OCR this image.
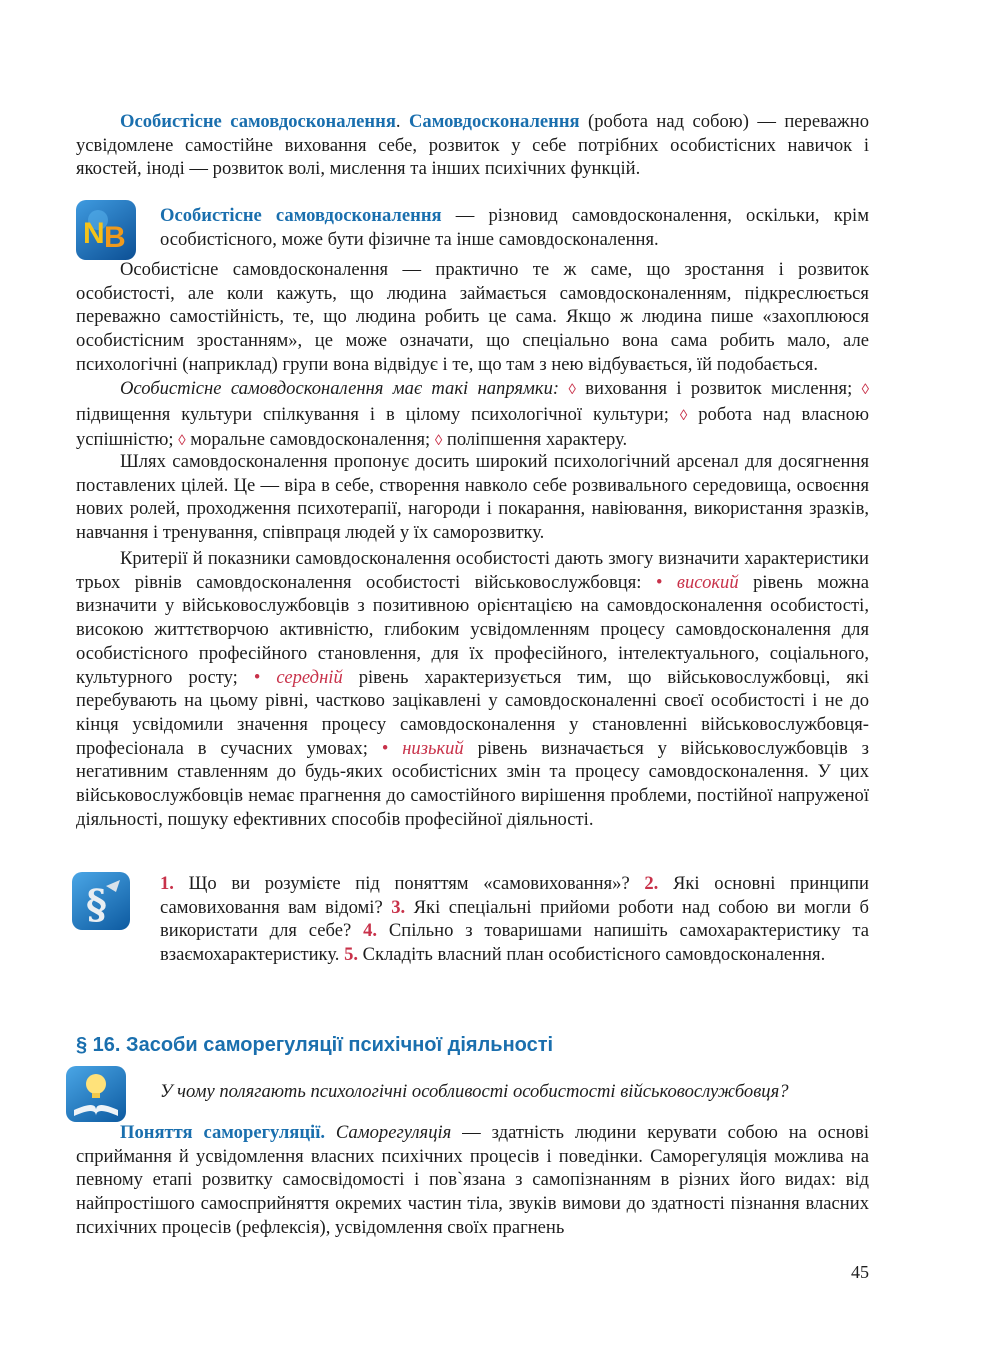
Особистісне самовдосконалення. Самовдосконалення (робота над собою) — переважно усвідомлене самостійне виховання себе, розвиток у себе потрібних особистісних навичок і якостей, іноді — розвиток волі, мислення та інших психічних функцій.
N B
Особистісне самовдосконалення — різновид самовдосконалення, оскільки, крім особистісного, може бути фізичне та інше самовдосконалення.
Особистісне самовдосконалення — практично те ж саме, що зростання і розвиток особистості, але коли кажуть, що людина займається самовдосконаленням, підкреслюється переважно самостійність, те, що людина робить це сама. Якщо ж людина пише «захоплююся особистісним зростанням», це може означати, що спеціально вона сама робить мало, але психологічні (наприклад) групи вона відвідує і те, що там з нею відбувається, їй подобається.
Особистісне самовдосконалення має такі напрямки: ◊ виховання і розвиток мислення; ◊ підвищення культури спілкування і в цілому психологічної культури; ◊ робота над власною успішністю; ◊ моральне самовдосконалення; ◊ поліпшення характеру.
Шлях самовдосконалення пропонує досить широкий психологічний арсенал для досягнення поставлених цілей. Це — віра в себе, створення навколо себе розвивального середовища, освоєння нових ролей, проходження психотерапії, нагороди і покарання, навіювання, використання зразків, навчання і тренування, співпраця людей у їх саморозвитку.
Критерії й показники самовдосконалення особистості дають змогу визначити характеристики трьох рівнів самовдосконалення особистості військовослужбовця: • високий рівень можна визначити у військовослужбовців з позитивною орієнтацією на самовдосконалення особистості, високою життєтворчою активністю, глибоким усвідомленням процесу самовдосконалення для особистісного професійного становлення, для їх професійного, інтелектуального, соціального, культурного росту; • середній рівень характеризується тим, що військовослужбовці, які перебувають на цьому рівні, частково зацікавлені у самовдосконаленні своєї особистості і не до кінця усвідомили значення процесу самовдосконалення у становленні військовослужбовця-професіонала в сучасних умовах; • низький рівень визначається у військовослужбовців з негативним ставленням до будь-яких особистісних змін та процесу самовдосконалення. У цих військовослужбовців немає прагнення до самостійного вирішення проблеми, постійної напруженої діяльності, пошуку ефективних способів професійної діяльності.
§	1. Що ви розумієте під поняттям «самовиховання»? 2. Які основні принципи самовиховання вам відомі? 3. Які спеціальні прийоми роботи над собою ви могли б використати для себе? 4. Спільно з товаришами напишіть самохарактеристику та взаємохарактеристику. 5. Складіть власний план особистісного самовдосконалення.
§ 16. Засоби саморегуляції психічної діяльності
У чому полягають психологічні особливості особистості військовослужбовця?
Поняття саморегуляції. Саморегуляція — здатність людини керувати собою на основі сприймання й усвідомлення власних психічних процесів і поведінки. Саморегуляція можлива на певному етапі розвитку самосвідомості і пов`язана з самопізнанням в різних його видах: від найпростішого самосприйняття окремих частин тіла, звуків вимови до здатності пізнання власних психічних процесів (рефлексія), усвідомлення своїх прагнень
45
